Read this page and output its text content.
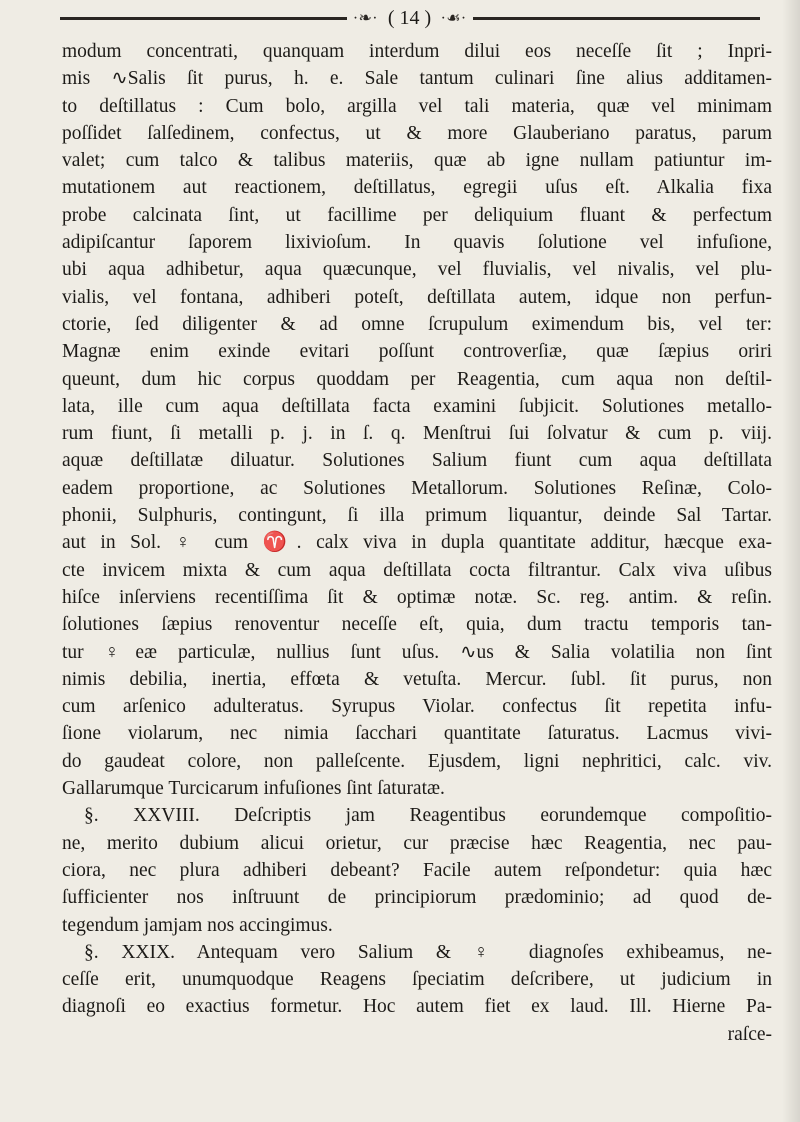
∙❧∙ ( 14 ) ∙☙∙
modum concentrati, quanquam interdum dilui eos neceſſe ſit ; Inpri-
mis ∿Salis ſit purus, h. e. Sale tantum culinari ſine alius additamen-
to deſtillatus : Cum bolo, argilla vel tali materia, quæ vel minimam
poſſidet ſalſedinem, confectus, ut & more Glauberiano paratus, parum
valet; cum talco & talibus materiis, quæ ab igne nullam patiuntur im-
mutationem aut reactionem, deſtillatus, egregii uſus eſt. Alkalia fixa
probe calcinata ſint, ut facillime per deliquium fluant & perfectum
adipiſcantur ſaporem lixivioſum. In quavis ſolutione vel infuſione,
ubi aqua adhibetur, aqua quæcunque, vel fluvialis, vel nivalis, vel plu-
vialis, vel fontana, adhiberi poteſt, deſtillata autem, idque non perfun-
ctorie, ſed diligenter & ad omne ſcrupulum eximendum bis, vel ter:
Magnæ enim exinde evitari poſſunt controverſiæ, quæ ſæpius oriri
queunt, dum hic corpus quoddam per Reagentia, cum aqua non deſtil-
lata, ille cum aqua deſtillata facta examini ſubjicit. Solutiones metallo-
rum fiunt, ſi metalli p. j. in ſ. q. Menſtrui ſui ſolvatur & cum p. viij.
aquæ deſtillatæ diluatur. Solutiones Salium fiunt cum aqua deſtillata
eadem proportione, ac Solutiones Metallorum. Solutiones Reſinæ, Colo-
phonii, Sulphuris, contingunt, ſi illa primum liquantur, deinde Sal Tartar.
aut in Sol. ♀ cum ♈. calx viva in dupla quantitate additur, hæcque exa-
cte invicem mixta & cum aqua deſtillata cocta filtrantur. Calx viva uſibus
hiſce inſerviens recentiſſima ſit & optimæ notæ. Sc. reg. antim. & reſin.
ſolutiones ſæpius renoventur neceſſe eſt, quia, dum tractu temporis tan-
tur ♀eæ particulæ, nullius ſunt uſus. ∿us & Salia volatilia non ſint
nimis debilia, inertia, effœta & vetuſta. Mercur. ſubl. ſit purus, non
cum arſenico adulteratus. Syrupus Violar. confectus ſit repetita infu-
ſione violarum, nec nimia ſacchari quantitate ſaturatus. Lacmus vivi-
do gaudeat colore, non palleſcente. Ejusdem, ligni nephritici, calc. viv.
Gallarumque Turcicarum infuſiones ſint ſaturatæ.
§. XXVIII. Deſcriptis jam Reagentibus eorundemque compoſitio-
ne, merito dubium alicui orietur, cur præcise hæc Reagentia, nec pau-
ciora, nec plura adhiberi debeant? Facile autem reſpondetur: quia hæc
ſufficienter nos inſtruunt de principiorum prædominio; ad quod de-
tegendum jamjam nos accingimus.
§. XXIX. Antequam vero Salium & ♀ diagnoſes exhibeamus, ne-
ceſſe erit, unumquodque Reagens ſpeciatim deſcribere, ut judicium in
diagnoſi eo exactius formetur. Hoc autem fiet ex laud. Ill. Hierne Pa-
raſce-
